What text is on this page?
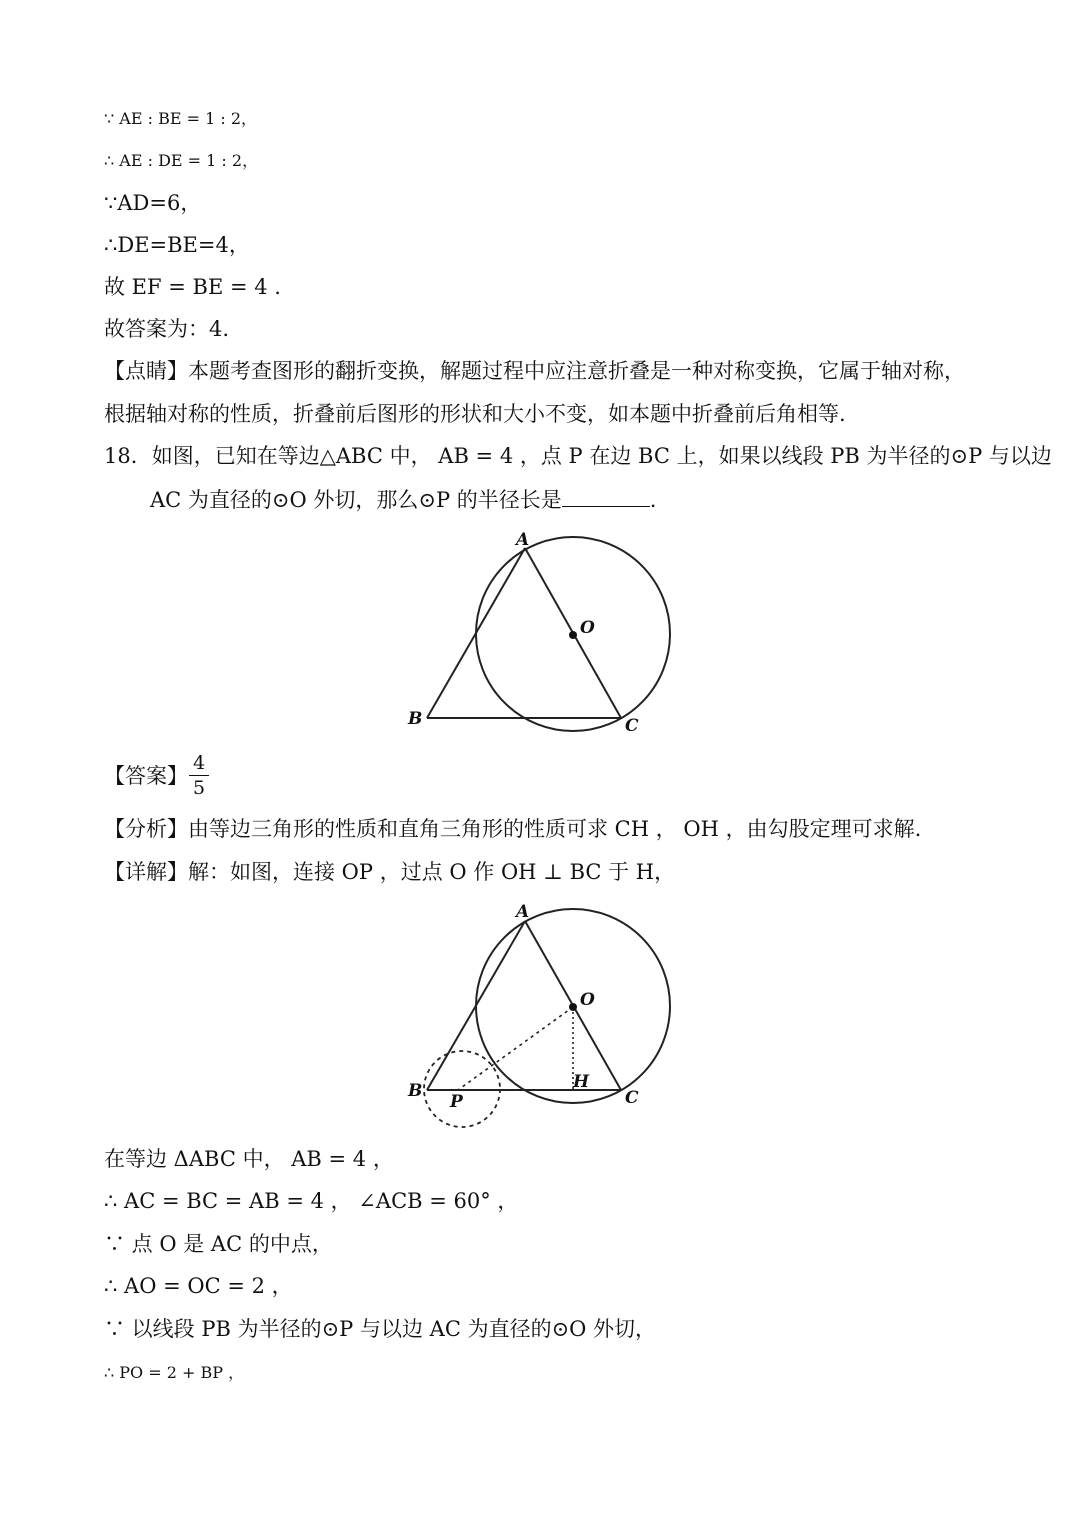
∵ AE : BE = 1 : 2，
∴ AE : DE = 1 : 2，
∵AD=6，
∴DE=BE=4，
故 EF = BE = 4 .
故答案为：4.
【点睛】本题考查图形的翻折变换，解题过程中应注意折叠是一种对称变换，它属于轴对称，
根据轴对称的性质，折叠前后图形的形状和大小不变，如本题中折叠前后角相等.
18．如图，已知在等边△ABC 中， AB = 4 ，点 P 在边 BC 上，如果以线段 PB 为半径的⊙P 与以边
AC 为直径的⊙O 外切，那么⊙P 的半径长是	.
A
O
B	C
【答案】
4
5
【分析】由等边三角形的性质和直角三角形的性质可求 CH ， OH ，由勾股定理可求解.
【详解】解：如图，连接 OP ，过点 O 作 OH ⊥ BC 于 H，
A
O
B
P
H
C
在等边 ΔABC 中， AB = 4 ，
∴ AC = BC = AB = 4 ， ∠ACB = 60° ，
∵ 点 O 是 AC 的中点，
∴ AO = OC = 2 ，
∵ 以线段 PB 为半径的⊙P 与以边 AC 为直径的⊙O 外切，
∴ PO = 2 + BP ，
